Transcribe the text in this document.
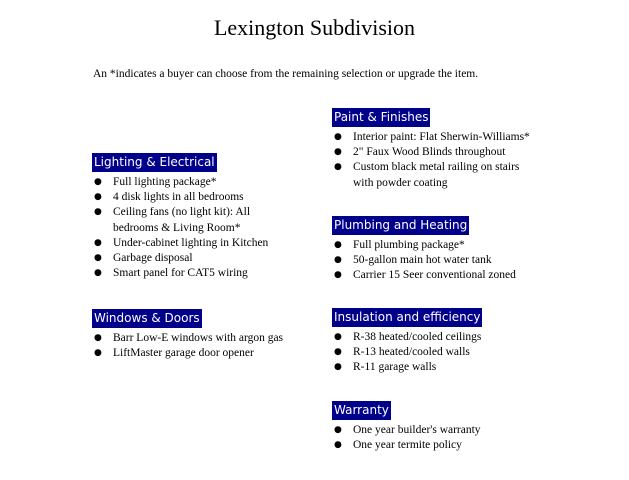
Lexington Subdivision
An *indicates a buyer can choose from the remaining selection or upgrade the item.
Lighting & Electrical
● Full lighting package*
● 4 disk lights in all bedrooms
● Ceiling fans (no light kit): All
bedrooms & Living Room*
● Under-cabinet lighting in Kitchen
● Garbage disposal
● Smart panel for CAT5 wiring
Windows & Doors
● Barr Low-E windows with argon gas
● LiftMaster garage door opener
Paint & Finishes
● Interior paint: Flat Sherwin-Williams*
● 2" Faux Wood Blinds throughout
● Custom black metal railing on stairs
with powder coating
Plumbing and Heating
● Full plumbing package*
● 50-gallon main hot water tank
● Carrier 15 Seer conventional zoned
Insulation and efficiency
● R-38 heated/cooled ceilings
● R-13 heated/cooled walls
● R-11 garage walls
Warranty
● One year builder's warranty
● One year termite policy
